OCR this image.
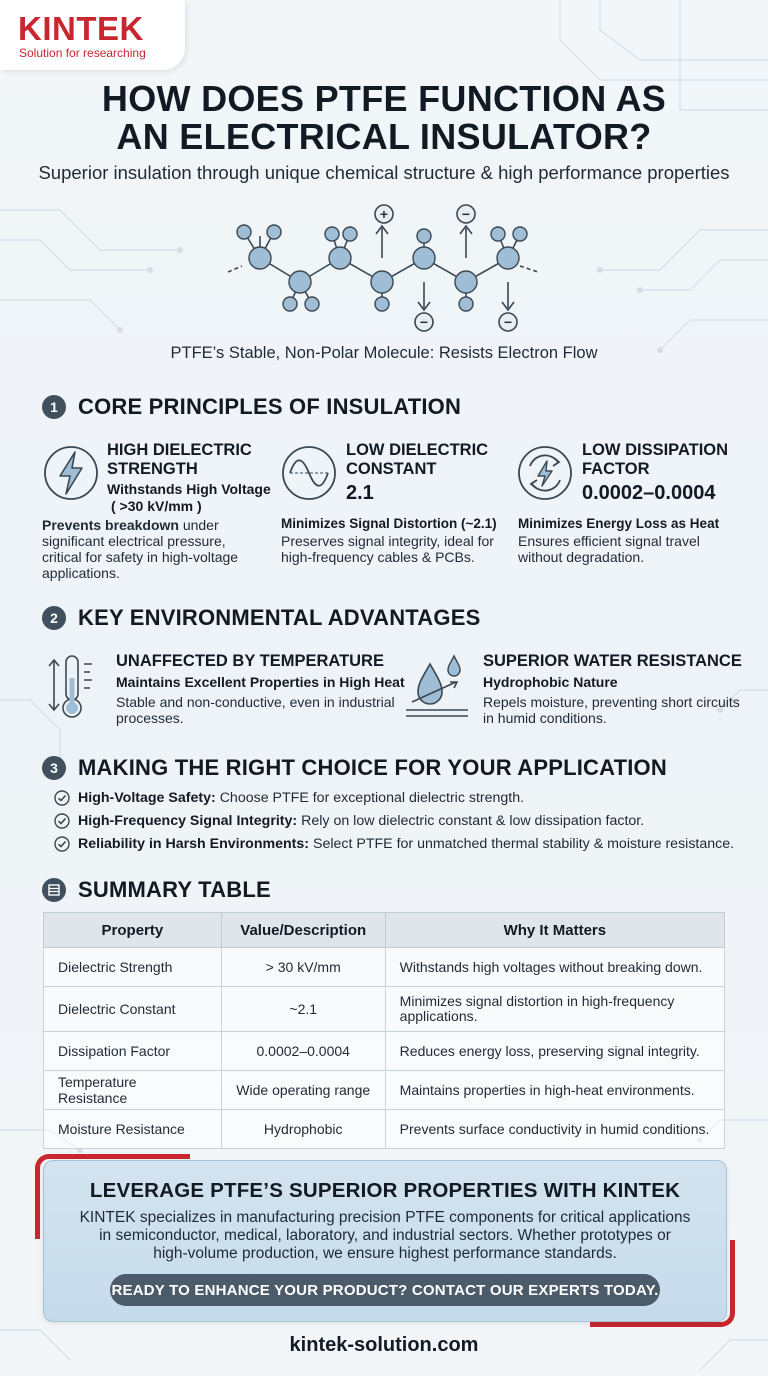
KINTEK
Solution for researching
HOW DOES PTFE FUNCTION AS
AN ELECTRICAL INSULATOR?
Superior insulation through unique chemical structure & high performance properties
+	−
−	−
PTFE’s Stable, Non-Polar Molecule: Resists Electron Flow
1 CORE PRINCIPLES OF INSULATION
HIGH DIELECTRIC
STRENGTH
Withstands High Voltage
( >30 kV/mm )
Prevents breakdown under
significant electrical pressure,
critical for safety in high-voltage
applications.
LOW DIELECTRIC
CONSTANT
2.1
Minimizes Signal Distortion (~2.1)
Preserves signal integrity, ideal for
high-frequency cables & PCBs.
LOW DISSIPATION
FACTOR
0.0002–0.0004
Minimizes Energy Loss as Heat
Ensures efficient signal travel
without degradation.
2 KEY ENVIRONMENTAL ADVANTAGES
UNAFFECTED BY TEMPERATURE
Maintains Excellent Properties in High Heat
Stable and non-conductive, even in industrial
processes.
SUPERIOR WATER RESISTANCE
Hydrophobic Nature
Repels moisture, preventing short circuits
in humid conditions.
3 MAKING THE RIGHT CHOICE FOR YOUR APPLICATION
High-Voltage Safety: Choose PTFE for exceptional dielectric strength.
High-Frequency Signal Integrity: Rely on low dielectric constant & low dissipation factor.
Reliability in Harsh Environments: Select PTFE for unmatched thermal stability & moisture resistance.
SUMMARY TABLE
Property	Value/Description	Why It Matters
Dielectric Strength	> 30 kV/mm	Withstands high voltages without breaking down.
Dielectric Constant	~2.1	Minimizes signal distortion in high-frequency applications.
Dissipation Factor	0.0002–0.0004	Reduces energy loss, preserving signal integrity.
Temperature Resistance	Wide operating range	Maintains properties in high-heat environments.
Moisture Resistance	Hydrophobic	Prevents surface conductivity in humid conditions.
LEVERAGE PTFE’S SUPERIOR PROPERTIES WITH KINTEK
KINTEK specializes in manufacturing precision PTFE components for critical applications
in semiconductor, medical, laboratory, and industrial sectors. Whether prototypes or
high-volume production, we ensure highest performance standards.
READY TO ENHANCE YOUR PRODUCT? CONTACT OUR EXPERTS TODAY.
kintek-solution.com
